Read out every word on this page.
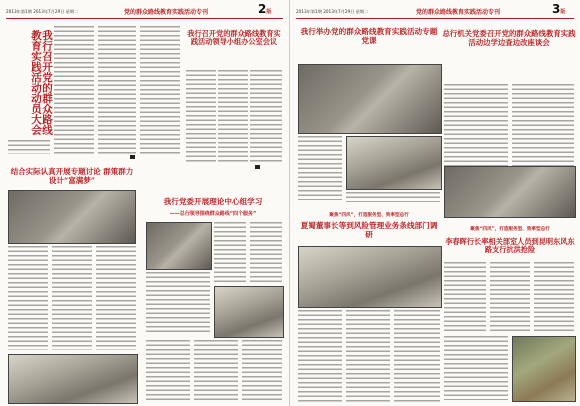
2013年第1期 2013年7月29日 星期二	党的群众路线教育实践活动专刊	2版
我行召开党的群众路线教育实践活动动员大会	我行召开党的群众路线教育实践活动领导小组办公室会议
结合实际认真开展专题讨论 群策群力设计“富满梦”
我行党委开展理论中心组学习
——总行领导围绕群众路线“四个服务”
2013年第1期 2013年7月29日 星期二	党的群众路线教育实践活动专刊	3版
我行举办党的群众路线教育实践活动专题党课
总行机关党委召开党的群众路线教育实践活动边学边查边改座谈会
聚焦“四风”，打造服务型、效率型总行
夏蜀董事长等到风险管理业务条线部门调研
聚焦“四风”，打造服务型、效率型总行
李春晖行长率相关部室人员到昆明东风东路支行抗洪抢险
